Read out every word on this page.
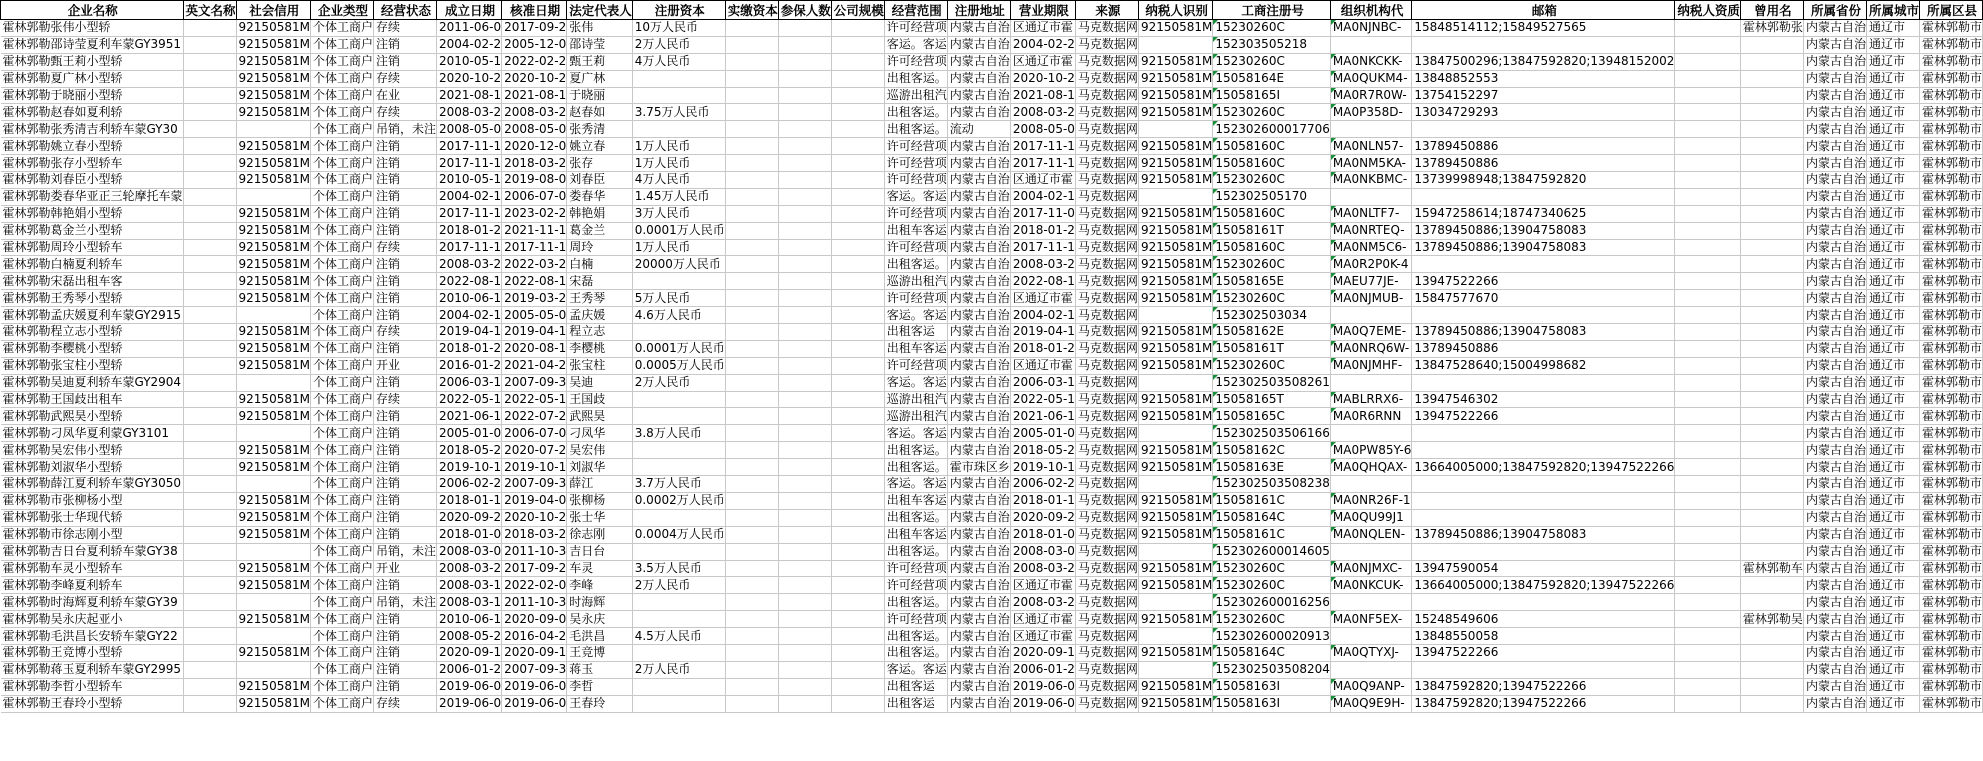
企业名称	英文名称	社会信用	企业类型	经营状态	成立日期	核准日期	法定代表人	注册资本	实缴资本	参保人数	公司规模	经营范围	注册地址	营业期限	来源	纳税人识别	工商注册号	组织机构代	邮箱	纳税人资质	曾用名	所属省份	所属城市	所属区县
霍林郭勒张伟小型轿		92150581M	个体工商户	存续	2011-06-0	2017-09-2	张伟	10万人民币				许可经营项	内蒙古自治	区通辽市霍	马克数据网	92150581M	15230260C	MA0NJNBC-	15848514112;15849527565		霍林郭勒张	内蒙古自治	通辽市	霍林郭勒市
霍林郭勒邵诗莹夏利车蒙GY3951		92150581M	个体工商户	注销	2004-02-2	2005-12-0	邵诗莹	2万人民币				客运。客运	内蒙古自治	2004-02-2	马克数据网		152303505218					内蒙古自治	通辽市	霍林郭勒市
霍林郭勒甄王莉小型轿		92150581M	个体工商户	注销	2010-05-1	2022-02-2	甄王莉	4万人民币				许可经营项	内蒙古自治	区通辽市霍	马克数据网	92150581M	15230260C	MA0NKCKK-	13847500296;13847592820;13948152002			内蒙古自治	通辽市	霍林郭勒市
霍林郭勒夏广林小型轿		92150581M	个体工商户	存续	2020-10-2	2020-10-2	夏广林					出租客运。	内蒙古自治	2020-10-2	马克数据网	92150581M	15058164E	MA0QUKM4-	13848852553			内蒙古自治	通辽市	霍林郭勒市
霍林郭勒于晓丽小型轿		92150581M	个体工商户	在业	2021-08-1	2021-08-1	于晓丽					巡游出租汽	内蒙古自治	2021-08-1	马克数据网	92150581M	15058165I	MA0R7R0W-	13754152297			内蒙古自治	通辽市	霍林郭勒市
霍林郭勒赵春如夏利轿		92150581M	个体工商户	存续	2008-03-2	2008-03-2	赵春如	3.75万人民币				出租客运。	内蒙古自治	2008-03-2	马克数据网	92150581M	15230260C	MA0P358D-	13034729293			内蒙古自治	通辽市	霍林郭勒市
霍林郭勒张秀清吉利轿车蒙GY30			个体工商户	吊销，未注	2008-05-0	2008-05-0	张秀清					出租客运。	流动	2008-05-0	马克数据网		152302600017706					内蒙古自治	通辽市	霍林郭勒市
霍林郭勒姚立春小型轿		92150581M	个体工商户	注销	2017-11-1	2020-12-0	姚立春	1万人民币				许可经营项	内蒙古自治	2017-11-1	马克数据网	92150581M	15058160C	MA0NLN57-	13789450886			内蒙古自治	通辽市	霍林郭勒市
霍林郭勒张存小型轿车		92150581M	个体工商户	注销	2017-11-1	2018-03-2	张存	1万人民币				许可经营项	内蒙古自治	2017-11-1	马克数据网	92150581M	15058160C	MA0NM5KA-	13789450886			内蒙古自治	通辽市	霍林郭勒市
霍林郭勒刘春臣小型轿		92150581M	个体工商户	注销	2010-05-1	2019-08-0	刘春臣	4万人民币				许可经营项	内蒙古自治	区通辽市霍	马克数据网	92150581M	15230260C	MA0NKBMC-	13739998948;13847592820			内蒙古自治	通辽市	霍林郭勒市
霍林郭勒娄春华亚正三轮摩托车蒙			个体工商户	注销	2004-02-1	2006-07-0	娄春华	1.45万人民币				客运。客运	内蒙古自治	2004-02-1	马克数据网		152302505170					内蒙古自治	通辽市	霍林郭勒市
霍林郭勒韩艳娟小型轿		92150581M	个体工商户	注销	2017-11-1	2023-02-2	韩艳娟	3万人民币				许可经营项	内蒙古自治	2017-11-0	马克数据网	92150581M	15058160C	MA0NLTF7-	15947258614;18747340625			内蒙古自治	通辽市	霍林郭勒市
霍林郭勒葛金兰小型轿		92150581M	个体工商户	注销	2018-01-2	2021-11-1	葛金兰	0.0001万人民币				出租车客运	内蒙古自治	2018-01-2	马克数据网	92150581M	15058161T	MA0NRTEQ-	13789450886;13904758083			内蒙古自治	通辽市	霍林郭勒市
霍林郭勒周玲小型轿车		92150581M	个体工商户	存续	2017-11-1	2017-11-1	周玲	1万人民币				许可经营项	内蒙古自治	2017-11-1	马克数据网	92150581M	15058160C	MA0NM5C6-	13789450886;13904758083			内蒙古自治	通辽市	霍林郭勒市
霍林郭勒白楠夏利轿车		92150581M	个体工商户	注销	2008-03-2	2022-03-2	白楠	20000万人民币				出租客运。	内蒙古自治	2008-03-2	马克数据网	92150581M	15230260C	MA0R2P0K-4				内蒙古自治	通辽市	霍林郭勒市
霍林郭勒宋磊出租车客		92150581M	个体工商户	注销	2022-08-1	2022-08-1	宋磊					巡游出租汽	内蒙古自治	2022-08-1	马克数据网	92150581M	15058165E	MAEU77JE-	13947522266			内蒙古自治	通辽市	霍林郭勒市
霍林郭勒王秀琴小型轿		92150581M	个体工商户	注销	2010-06-1	2019-03-2	王秀琴	5万人民币				许可经营项	内蒙古自治	区通辽市霍	马克数据网	92150581M	15230260C	MA0NJMUB-	15847577670			内蒙古自治	通辽市	霍林郭勒市
霍林郭勒孟庆媛夏利车蒙GY2915			个体工商户	注销	2004-02-1	2005-05-0	孟庆媛	4.6万人民币				客运。客运	内蒙古自治	2004-02-1	马克数据网		152302503034					内蒙古自治	通辽市	霍林郭勒市
霍林郭勒程立志小型轿		92150581M	个体工商户	存续	2019-04-1	2019-04-1	程立志					出租客运	内蒙古自治	2019-04-1	马克数据网	92150581M	15058162E	MA0Q7EME-	13789450886;13904758083			内蒙古自治	通辽市	霍林郭勒市
霍林郭勒李樱桃小型轿		92150581M	个体工商户	注销	2018-01-2	2020-08-1	李樱桃	0.0001万人民币				出租车客运	内蒙古自治	2018-01-2	马克数据网	92150581M	15058161T	MA0NRQ6W-	13789450886			内蒙古自治	通辽市	霍林郭勒市
霍林郭勒张宝柱小型轿		92150581M	个体工商户	开业	2016-01-2	2021-04-2	张宝柱	0.0005万人民币				许可经营项	内蒙古自治	区通辽市霍	马克数据网	92150581M	15230260C	MA0NJMHF-	13847528640;15004998682			内蒙古自治	通辽市	霍林郭勒市
霍林郭勒吴迪夏利轿车蒙GY2904			个体工商户	注销	2006-03-1	2007-09-3	吴迪	2万人民币				客运。客运	内蒙古自治	2006-03-1	马克数据网		152302503508261					内蒙古自治	通辽市	霍林郭勒市
霍林郭勒王国歧出租车		92150581M	个体工商户	存续	2022-05-1	2022-05-1	王国歧					巡游出租汽	内蒙古自治	2022-05-1	马克数据网	92150581M	15058165T	MABLRRX6-	13947546302			内蒙古自治	通辽市	霍林郭勒市
霍林郭勒武熙昊小型轿		92150581M	个体工商户	注销	2021-06-1	2022-07-2	武熙昊					巡游出租汽	内蒙古自治	2021-06-1	马克数据网	92150581M	15058165C	MA0R6RNN	13947522266			内蒙古自治	通辽市	霍林郭勒市
霍林郭勒刁凤华夏利蒙GY3101			个体工商户	注销	2005-01-0	2006-07-0	刁凤华	3.8万人民币				客运。客运	内蒙古自治	2005-01-0	马克数据网		152302503506166					内蒙古自治	通辽市	霍林郭勒市
霍林郭勒吴宏伟小型轿		92150581M	个体工商户	注销	2018-05-2	2020-07-2	吴宏伟					出租客运。	内蒙古自治	2018-05-2	马克数据网	92150581M	15058162C	MA0PW85Y-6				内蒙古自治	通辽市	霍林郭勒市
霍林郭勒刘淑华小型轿		92150581M	个体工商户	注销	2019-10-1	2019-10-1	刘淑华					出租客运。	霍市珠区乡	2019-10-1	马克数据网	92150581M	15058163E	MA0QHQAX-	13664005000;13847592820;13947522266			内蒙古自治	通辽市	霍林郭勒市
霍林郭勒薛江夏利轿车蒙GY3050			个体工商户	注销	2006-02-2	2007-09-3	薛江	3.7万人民币				客运。客运	内蒙古自治	2006-02-2	马克数据网		152302503508238					内蒙古自治	通辽市	霍林郭勒市
霍林郭勒市张柳杨小型		92150581M	个体工商户	注销	2018-01-1	2019-04-0	张柳杨	0.0002万人民币				出租车客运	内蒙古自治	2018-01-1	马克数据网	92150581M	15058161C	MA0NR26F-1				内蒙古自治	通辽市	霍林郭勒市
霍林郭勒张士华现代轿		92150581M	个体工商户	注销	2020-09-2	2020-10-2	张士华					出租客运。	内蒙古自治	2020-09-2	马克数据网	92150581M	15058164C	MA0QU99J1				内蒙古自治	通辽市	霍林郭勒市
霍林郭勒市徐志刚小型		92150581M	个体工商户	注销	2018-01-0	2018-03-2	徐志刚	0.0004万人民币				出租车客运	内蒙古自治	2018-01-0	马克数据网	92150581M	15058161C	MA0NQLEN-	13789450886;13904758083			内蒙古自治	通辽市	霍林郭勒市
霍林郭勒吉日台夏利轿车蒙GY38			个体工商户	吊销，未注	2008-03-0	2011-10-3	吉日台					出租客运。	内蒙古自治	2008-03-0	马克数据网		152302600014605					内蒙古自治	通辽市	霍林郭勒市
霍林郭勒车灵小型轿车		92150581M	个体工商户	开业	2008-03-2	2017-09-2	车灵	3.5万人民币				许可经营项	内蒙古自治	2008-03-2	马克数据网	92150581M	15230260C	MA0NJMXC-	13947590054		霍林郭勒车	内蒙古自治	通辽市	霍林郭勒市
霍林郭勒李峰夏利轿车		92150581M	个体工商户	注销	2008-03-1	2022-02-0	李峰	2万人民币				许可经营项	内蒙古自治	区通辽市霍	马克数据网	92150581M	15230260C	MA0NKCUK-	13664005000;13847592820;13947522266			内蒙古自治	通辽市	霍林郭勒市
霍林郭勒时海辉夏利轿车蒙GY39			个体工商户	吊销，未注	2008-03-1	2011-10-3	时海辉					出租客运。	内蒙古自治	2008-03-2	马克数据网		152302600016256					内蒙古自治	通辽市	霍林郭勒市
霍林郭勒吴永庆起亚小		92150581M	个体工商户	注销	2010-06-1	2020-09-0	吴永庆					许可经营项	内蒙古自治	区通辽市霍	马克数据网	92150581M	15230260C	MA0NF5EX-	15248549606		霍林郭勒吴	内蒙古自治	通辽市	霍林郭勒市
霍林郭勒毛洪昌长安轿车蒙GY22			个体工商户	注销	2008-05-2	2016-04-2	毛洪昌	4.5万人民币				出租客运。	内蒙古自治	区通辽市霍	马克数据网		152302600020913		13848550058			内蒙古自治	通辽市	霍林郭勒市
霍林郭勒王竞博小型轿		92150581M	个体工商户	注销	2020-09-1	2020-09-1	王竞博					出租客运。	内蒙古自治	2020-09-1	马克数据网	92150581M	15058164C	MA0QTYXJ-	13947522266			内蒙古自治	通辽市	霍林郭勒市
霍林郭勒蒋玉夏利轿车蒙GY2995			个体工商户	注销	2006-01-2	2007-09-3	蒋玉	2万人民币				客运。客运	内蒙古自治	2006-01-2	马克数据网		152302503508204					内蒙古自治	通辽市	霍林郭勒市
霍林郭勒李哲小型轿车		92150581M	个体工商户	注销	2019-06-0	2019-06-0	李哲					出租客运	内蒙古自治	2019-06-0	马克数据网	92150581M	15058163I	MA0Q9ANP-	13847592820;13947522266			内蒙古自治	通辽市	霍林郭勒市
霍林郭勒王春玲小型轿		92150581M	个体工商户	存续	2019-06-0	2019-06-0	王春玲					出租客运	内蒙古自治	2019-06-0	马克数据网	92150581M	15058163I	MA0Q9E9H-	13847592820;13947522266			内蒙古自治	通辽市	霍林郭勒市
